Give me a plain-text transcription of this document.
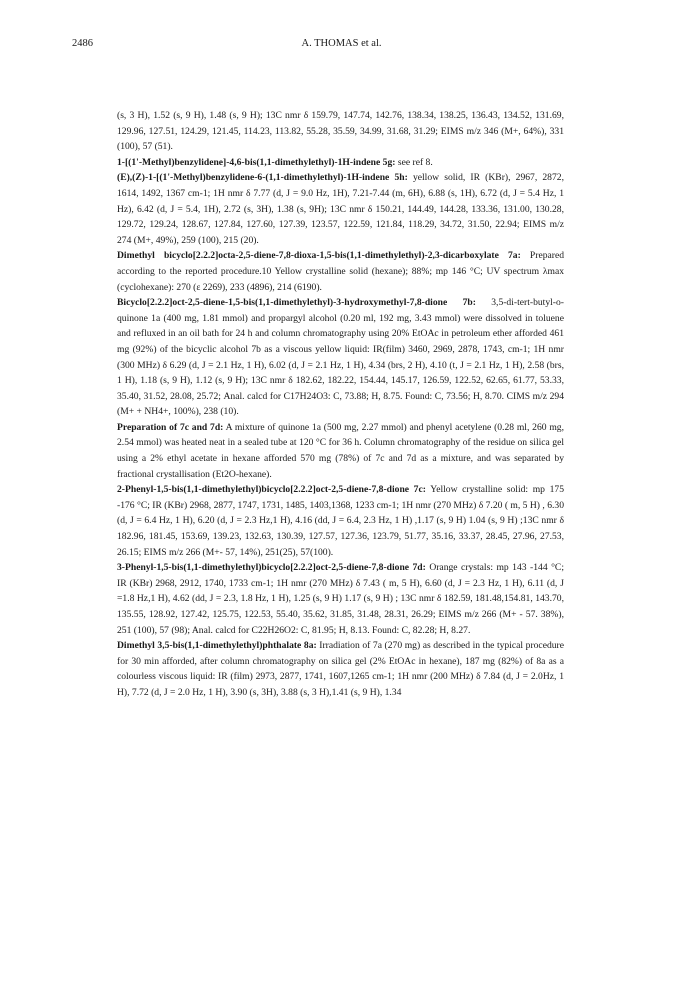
2486	A. THOMAS et al.

(s, 3 H), 1.52 (s, 9 H), 1.48 (s, 9 H); 13C nmr δ 159.79, 147.74, 142.76, 138.34, 138.25, 136.43, 134.52, 131.69, 129.96, 127.51, 124.29, 121.45, 114.23, 113.82, 55.28, 35.59, 34.99, 31.68, 31.29; EIMS m/z 346 (M+, 64%), 331 (100), 57 (51).

1-[(1'-Methyl)benzylidene]-4,6-bis(1,1-dimethylethyl)-1H-indene 5g: see ref 8.

(E),(Z)-1-[(1'-Methyl)benzylidene-6-(1,1-dimethylethyl)-1H-indene 5h: yellow solid, IR (KBr), 2967, 2872, 1614, 1492, 1367 cm-1; 1H nmr δ 7.77 (d, J = 9.0 Hz, 1H), 7.21-7.44 (m, 6H), 6.88 (s, 1H), 6.72 (d, J = 5.4 Hz, 1 Hz), 6.42 (d, J = 5.4, 1H), 2.72 (s, 3H), 1.38 (s, 9H); 13C nmr δ 150.21, 144.49, 144.28, 133.36, 131.00, 130.28, 129.72, 129.24, 128.67, 127.84, 127.60, 127.39, 123.57, 122.59, 121.84, 118.29, 34.72, 31.50, 22.94; EIMS m/z 274 (M+, 49%), 259 (100), 215 (20).

Dimethyl bicyclo[2.2.2]octa-2,5-diene-7,8-dioxa-1,5-bis(1,1-dimethylethyl)-2,3-dicarboxylate 7a: Prepared according to the reported procedure.10 Yellow crystalline solid (hexane); 88%; mp 146 °C; UV spectrum λmax (cyclohexane): 270 (ε 2269), 233 (4896), 214 (6190).

Bicyclo[2.2.2]oct-2,5-diene-1,5-bis(1,1-dimethylethyl)-3-hydroxymethyl-7,8-dione 7b: 3,5-di-tert-butyl-o-quinone 1a (400 mg, 1.81 mmol) and propargyl alcohol (0.20 ml, 192 mg, 3.43 mmol) were dissolved in toluene and refluxed in an oil bath for 24 h and column chromatography using 20% EtOAc in petroleum ether afforded 461 mg (92%) of the bicyclic alcohol 7b as a viscous yellow liquid: IR(film) 3460, 2969, 2878, 1743, cm-1; 1H nmr (300 MHz) δ 6.29 (d, J = 2.1 Hz, 1 H), 6.02 (d, J = 2.1 Hz, 1 H), 4.34 (brs, 2 H), 4.10 (t, J = 2.1 Hz, 1 H), 2.58 (brs, 1 H), 1.18 (s, 9 H), 1.12 (s, 9 H); 13C nmr δ 182.62, 182.22, 154.44, 145.17, 126.59, 122.52, 62.65, 61.77, 53.33, 35.40, 31.52, 28.08, 25.72; Anal. calcd for C17H24O3: C, 73.88; H, 8.75. Found: C, 73.56; H, 8.70. CIMS m/z 294 (M+ + NH4+, 100%), 238 (10).

Preparation of 7c and 7d: A mixture of quinone 1a (500 mg, 2.27 mmol) and phenyl acetylene (0.28 ml, 260 mg, 2.54 mmol) was heated neat in a sealed tube at 120 °C for 36 h. Column chromatography of the residue on silica gel using a 2% ethyl acetate in hexane afforded 570 mg (78%) of 7c and 7d as a mixture, and was separated by fractional crystallisation (Et2O-hexane).

2-Phenyl-1,5-bis(1,1-dimethylethyl)bicyclo[2.2.2]oct-2,5-diene-7,8-dione 7c: Yellow crystalline solid: mp 175 -176 °C; IR (KBr) 2968, 2877, 1747, 1731, 1485, 1403,1368, 1233 cm-1; 1H nmr (270 MHz) δ 7.20 ( m, 5 H) , 6.30 (d, J = 6.4 Hz, 1 H), 6.20 (d, J = 2.3 Hz,1 H), 4.16 (dd, J = 6.4, 2.3 Hz, 1 H) ,1.17 (s, 9 H) 1.04 (s, 9 H) ;13C nmr δ 182.96, 181.45, 153.69, 139.23, 132.63, 130.39, 127.57, 127.36, 123.79, 51.77, 35.16, 33.37, 28.45, 27.96, 27.53, 26.15; EIMS m/z 266 (M+- 57, 14%), 251(25), 57(100).

3-Phenyl-1,5-bis(1,1-dimethylethyl)bicyclo[2.2.2]oct-2,5-diene-7,8-dione 7d: Orange crystals: mp 143 -144 °C; IR (KBr) 2968, 2912, 1740, 1733 cm-1; 1H nmr (270 MHz) δ 7.43 ( m, 5 H), 6.60 (d, J = 2.3 Hz, 1 H), 6.11 (d, J =1.8 Hz,1 H), 4.62 (dd, J = 2.3, 1.8 Hz, 1 H), 1.25 (s, 9 H) 1.17 (s, 9 H) ; 13C nmr δ 182.59, 181.48,154.81, 143.70, 135.55, 128.92, 127.42, 125.75, 122.53, 55.40, 35.62, 31.85, 31.48, 28.31, 26.29; EIMS m/z 266 (M+ - 57. 38%), 251 (100), 57 (98); Anal. calcd for C22H26O2: C, 81.95; H, 8.13. Found: C, 82.28; H, 8.27.

Dimethyl 3,5-bis(1,1-dimethylethyl)phthalate 8a: Irradiation of 7a (270 mg) as described in the typical procedure for 30 min afforded, after column chromatography on silica gel (2% EtOAc in hexane), 187 mg (82%) of 8a as a colourless viscous liquid: IR (film) 2973, 2877, 1741, 1607,1265 cm-1; 1H nmr (200 MHz) δ 7.84 (d, J = 2.0Hz, 1 H), 7.72 (d, J = 2.0 Hz, 1 H), 3.90 (s, 3H), 3.88 (s, 3 H),1.41 (s, 9 H), 1.34
